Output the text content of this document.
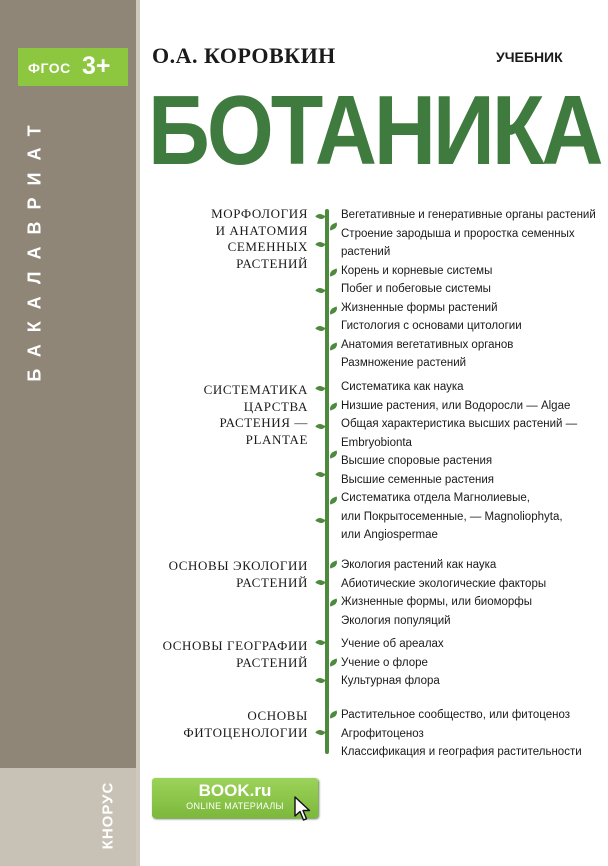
ФГОС 3+
БАКАЛАВРИАТ
КНОРУС
О.А. КОРОВКИН	УЧЕБНИК
БОТАНИКА
МОРФОЛОГИЯ
И АНАТОМИЯ
СЕМЕННЫХ
РАСТЕНИЙ
Вегетативные и генеративные органы растений
Строение зародыша и проростка семенных
растений
Корень и корневые системы
Побег и побеговые системы
Жизненные формы растений
Гистология с основами цитологии
Анатомия вегетативных органов
Размножение растений
СИСТЕМАТИКА
ЦАРСТВА
РАСТЕНИЯ —
PLANTAE
Систематика как наука
Низшие растения, или Водоросли — Algae
Общая характеристика высших растений —
Embryobionta
Высшие споровые растения
Высшие семенные растения
Систематика отдела Магнолиевые,
или Покрытосеменные, — Magnoliophyta,
или Angiospermae
ОСНОВЫ ЭКОЛОГИИ
РАСТЕНИЙ
Экология растений как наука
Абиотические экологические факторы
Жизненные формы, или биоморфы
Экология популяций
ОСНОВЫ ГЕОГРАФИИ
РАСТЕНИЙ
Учение об ареалах
Учение о флоре
Культурная флора
ОСНОВЫ
ФИТОЦЕНОЛОГИИ
Растительное сообщество, или фитоценоз
Агрофитоценоз
Классификация и география растительности
BOOK.ru
ONLINE МАТЕРИАЛЫ
